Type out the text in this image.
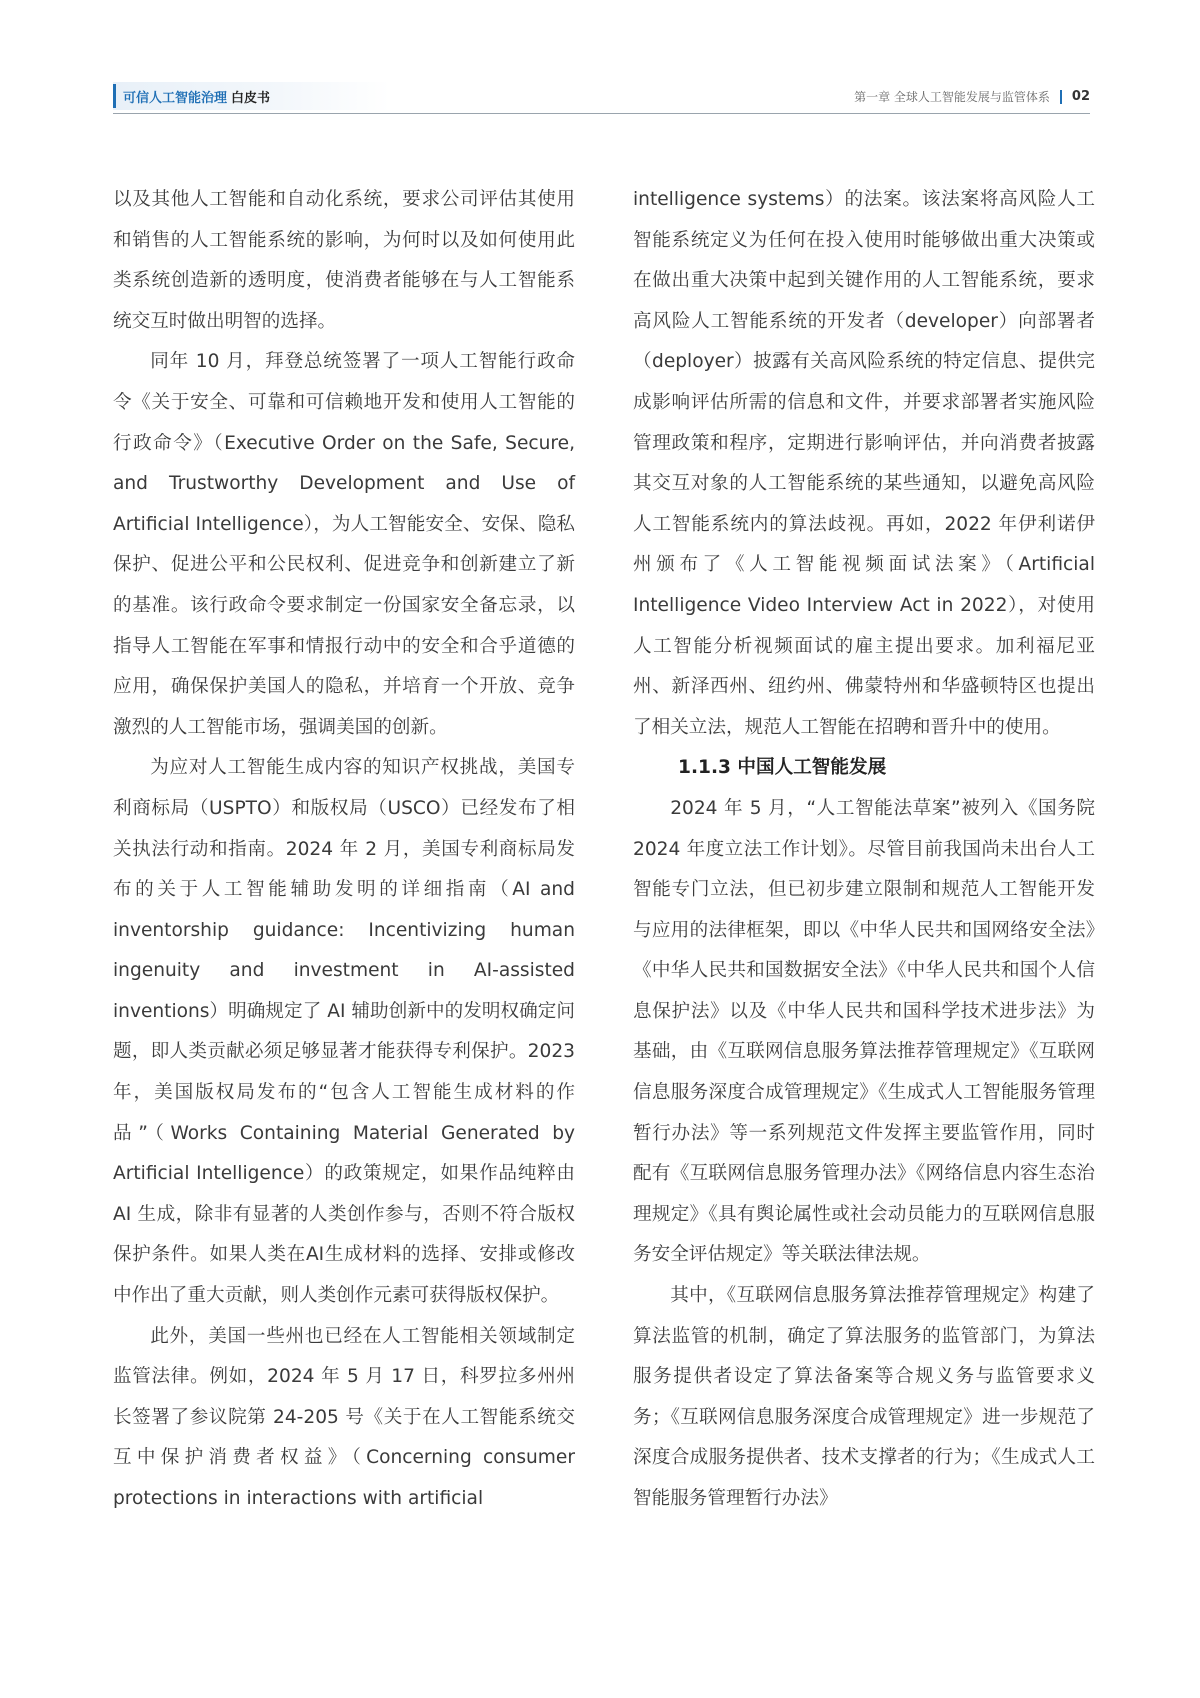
可信人工智能治理 白皮书	第一章 全球人工智能发展与监管体系 02

以及其他人工智能和自动化系统，要求公司评估其使用和销售的人工智能系统的影响，为何时以及如何使用此类系统创造新的透明度，使消费者能够在与人工智能系统交互时做出明智的选择。

同年 10 月，拜登总统签署了一项人工智能行政命令《关于安全、可靠和可信赖地开发和使用人工智能的行政命令》（Executive Order on the Safe, Secure, and Trustworthy Development and Use of Artificial Intelligence），为人工智能安全、安保、隐私保护、促进公平和公民权利、促进竞争和创新建立了新的基准。该行政命令要求制定一份国家安全备忘录，以指导人工智能在军事和情报行动中的安全和合乎道德的应用，确保保护美国人的隐私，并培育一个开放、竞争激烈的人工智能市场，强调美国的创新。

为应对人工智能生成内容的知识产权挑战，美国专利商标局（USPTO）和版权局（USCO）已经发布了相关执法行动和指南。2024 年 2 月，美国专利商标局发布的关于人工智能辅助发明的详细指南（AI and inventorship guidance: Incentivizing human ingenuity and investment in AI-assisted inventions）明确规定了 AI 辅助创新中的发明权确定问题，即人类贡献必须足够显著才能获得专利保护。2023 年，美国版权局发布的“包含人工智能生成材料的作品”（Works Containing Material Generated by Artificial Intelligence）的政策规定，如果作品纯粹由 AI 生成，除非有显著的人类创作参与，否则不符合版权保护条件。如果人类在AI生成材料的选择、安排或修改中作出了重大贡献，则人类创作元素可获得版权保护。

此外，美国一些州也已经在人工智能相关领域制定监管法律。例如，2024 年 5 月 17 日，科罗拉多州州长签署了参议院第 24-205 号《关于在人工智能系统交互中保护消费者权益》（Concerning consumer protections in interactions with artificial

intelligence systems）的法案。该法案将高风险人工智能系统定义为任何在投入使用时能够做出重大决策或在做出重大决策中起到关键作用的人工智能系统，要求高风险人工智能系统的开发者（developer）向部署者（deployer）披露有关高风险系统的特定信息、提供完成影响评估所需的信息和文件，并要求部署者实施风险管理政策和程序，定期进行影响评估，并向消费者披露其交互对象的人工智能系统的某些通知，以避免高风险人工智能系统内的算法歧视。再如，2022 年伊利诺伊州颁布了《人工智能视频面试法案》（Artificial Intelligence Video Interview Act in 2022），对使用人工智能分析视频面试的雇主提出要求。加利福尼亚州、新泽西州、纽约州、佛蒙特州和华盛顿特区也提出了相关立法，规范人工智能在招聘和晋升中的使用。

1.1.3 中国人工智能发展

2024 年 5 月，“人工智能法草案”被列入《国务院 2024 年度立法工作计划》。尽管目前我国尚未出台人工智能专门立法，但已初步建立限制和规范人工智能开发与应用的法律框架，即以《中华人民共和国网络安全法》《中华人民共和国数据安全法》《中华人民共和国个人信息保护法》以及《中华人民共和国科学技术进步法》为基础，由《互联网信息服务算法推荐管理规定》《互联网信息服务深度合成管理规定》《生成式人工智能服务管理暂行办法》等一系列规范文件发挥主要监管作用，同时配有《互联网信息服务管理办法》《网络信息内容生态治理规定》《具有舆论属性或社会动员能力的互联网信息服务安全评估规定》等关联法律法规。

其中，《互联网信息服务算法推荐管理规定》构建了算法监管的机制，确定了算法服务的监管部门，为算法服务提供者设定了算法备案等合规义务与监管要求义务；《互联网信息服务深度合成管理规定》进一步规范了深度合成服务提供者、技术支撑者的行为；《生成式人工智能服务管理暂行办法》
